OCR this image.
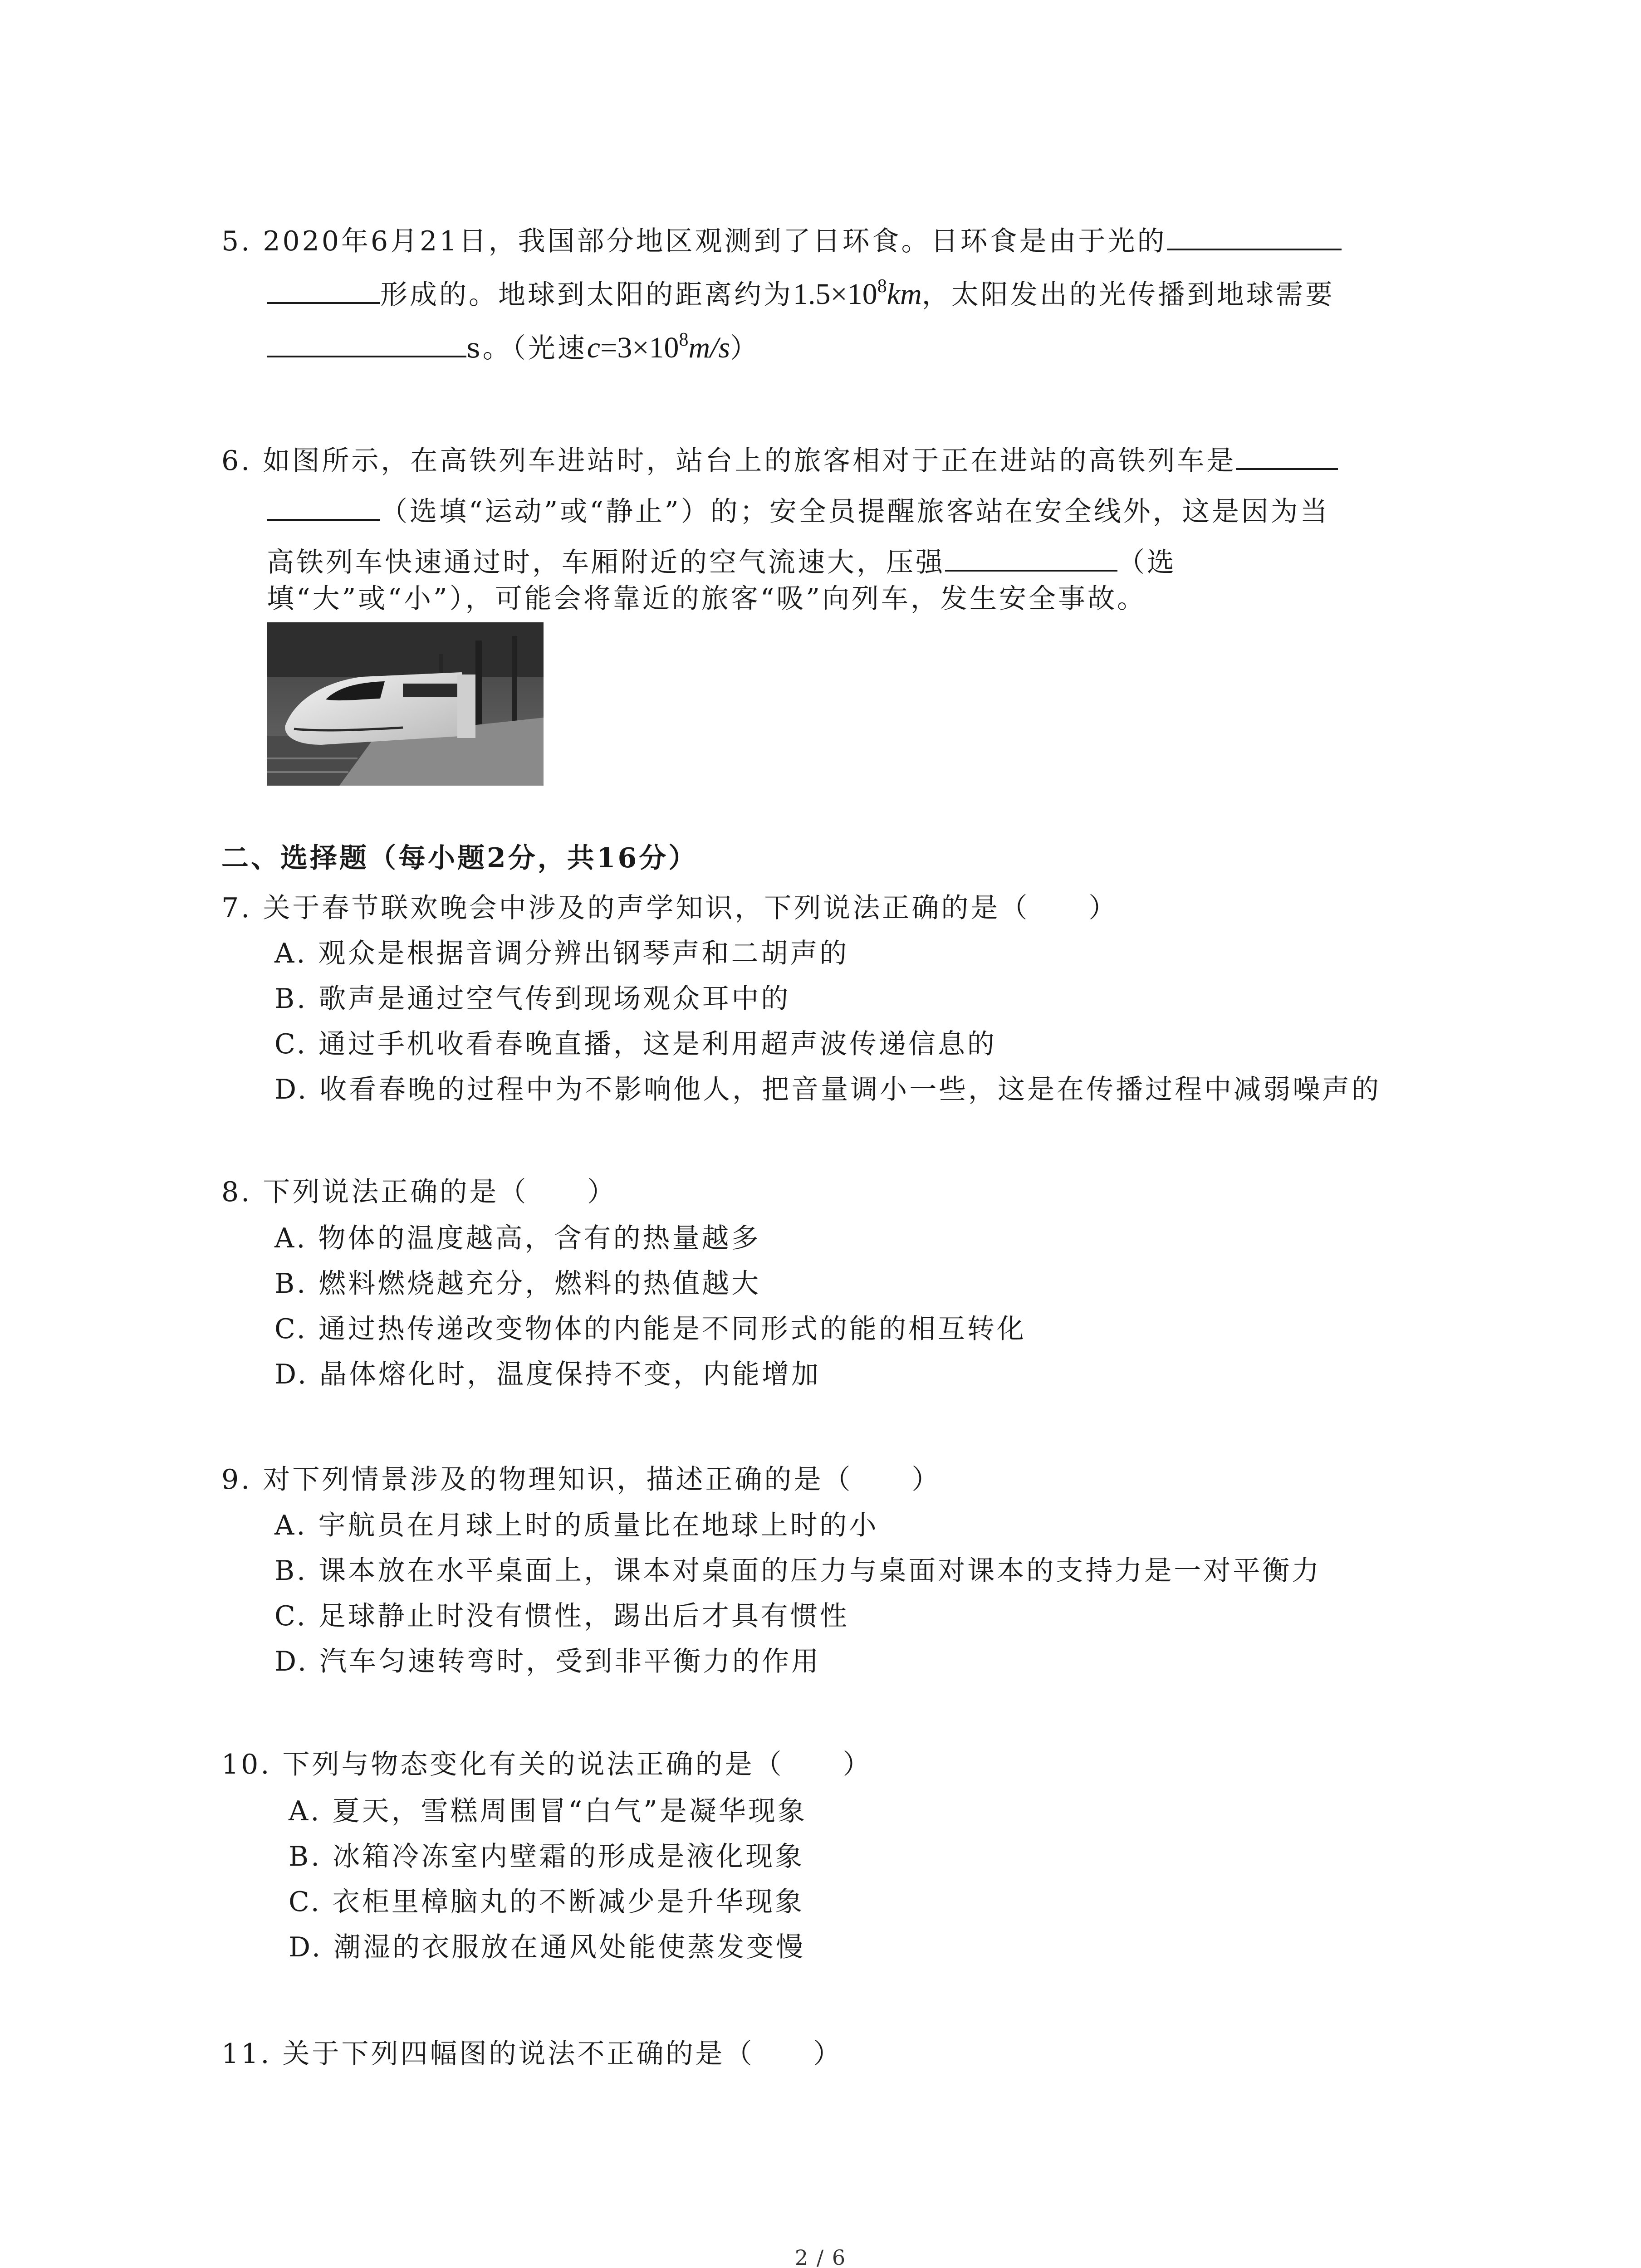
5. 2020年6月21日，我国部分地区观测到了日环食。日环食是由于光的
形成的。地球到太阳的距离约为$1.5\times 10^8km$，太阳发出的光传播到地球需要
s。（光速$c=3\times 10^8m/s$）
6. 如图所示，在高铁列车进站时，站台上的旅客相对于正在进站的高铁列车是
（选填“运动”或“静止”）的；安全员提醒旅客站在安全线外，这是因为当
高铁列车快速通过时，车厢附近的空气流速大，压强	（选
填“大”或“小”），可能会将靠近的旅客“吸”向列车，发生安全事故。
二、选择题（每小题2分，共16分）
7. 关于春节联欢晚会中涉及的声学知识，下列说法正确的是（　　）
A. 观众是根据音调分辨出钢琴声和二胡声的
B. 歌声是通过空气传到现场观众耳中的
C. 通过手机收看春晚直播，这是利用超声波传递信息的
D. 收看春晚的过程中为不影响他人，把音量调小一些，这是在传播过程中减弱噪声的
8. 下列说法正确的是（　　）
A. 物体的温度越高，含有的热量越多
B. 燃料燃烧越充分，燃料的热值越大
C. 通过热传递改变物体的内能是不同形式的能的相互转化
D. 晶体熔化时，温度保持不变，内能增加
9. 对下列情景涉及的物理知识，描述正确的是（　　）
A. 宇航员在月球上时的质量比在地球上时的小
B. 课本放在水平桌面上，课本对桌面的压力与桌面对课本的支持力是一对平衡力
C. 足球静止时没有惯性，踢出后才具有惯性
D. 汽车匀速转弯时，受到非平衡力的作用
10. 下列与物态变化有关的说法正确的是（　　）
A. 夏天，雪糕周围冒“白气”是凝华现象
B. 冰箱冷冻室内壁霜的形成是液化现象
C. 衣柜里樟脑丸的不断减少是升华现象
D. 潮湿的衣服放在通风处能使蒸发变慢
11. 关于下列四幅图的说法不正确的是（　　）
2 / 6
